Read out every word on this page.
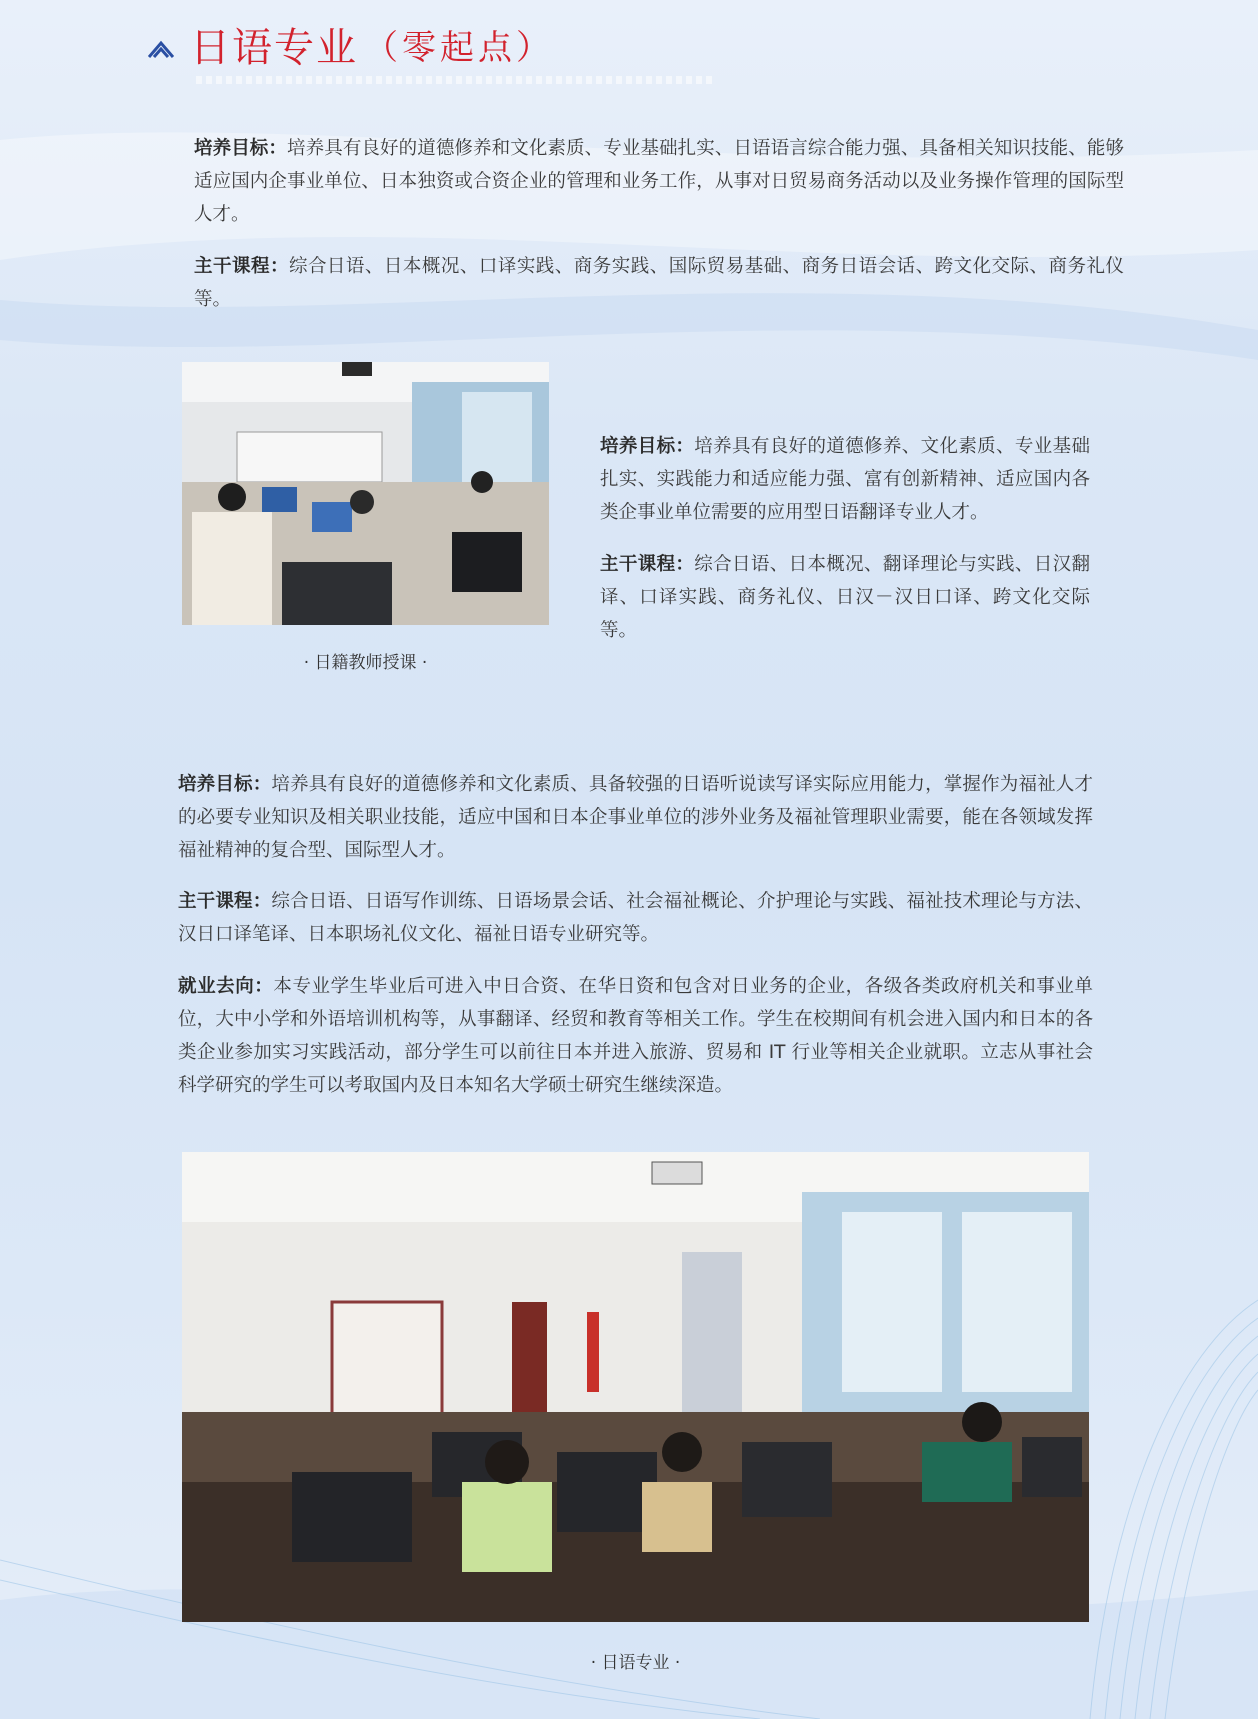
日语专业 （零起点）

培养目标：培养具有良好的道德修养和文化素质、专业基础扎实、日语语言综合能力强、具备相关知识技能、能够适应国内企事业单位、日本独资或合资企业的管理和业务工作，从事对日贸易商务活动以及业务操作管理的国际型人才。

主干课程：综合日语、日本概况、口译实践、商务实践、国际贸易基础、商务日语会话、跨文化交际、商务礼仪等。

· 日籍教师授课 ·

培养目标：培养具有良好的道德修养、文化素质、专业基础扎实、实践能力和适应能力强、富有创新精神、适应国内各类企事业单位需要的应用型日语翻译专业人才。

主干课程：综合日语、日本概况、翻译理论与实践、日汉翻译、口译实践、商务礼仪、日汉－汉日口译、跨文化交际等。

培养目标：培养具有良好的道德修养和文化素质、具备较强的日语听说读写译实际应用能力，掌握作为福祉人才的必要专业知识及相关职业技能，适应中国和日本企事业单位的涉外业务及福祉管理职业需要，能在各领域发挥福祉精神的复合型、国际型人才。

主干课程：综合日语、日语写作训练、日语场景会话、社会福祉概论、介护理论与实践、福祉技术理论与方法、汉日口译笔译、日本职场礼仪文化、福祉日语专业研究等。

就业去向：本专业学生毕业后可进入中日合资、在华日资和包含对日业务的企业，各级各类政府机关和事业单位，大中小学和外语培训机构等，从事翻译、经贸和教育等相关工作。学生在校期间有机会进入国内和日本的各类企业参加实习实践活动，部分学生可以前往日本并进入旅游、贸易和 IT 行业等相关企业就职。立志从事社会科学研究的学生可以考取国内及日本知名大学硕士研究生继续深造。

· 日语专业 ·
